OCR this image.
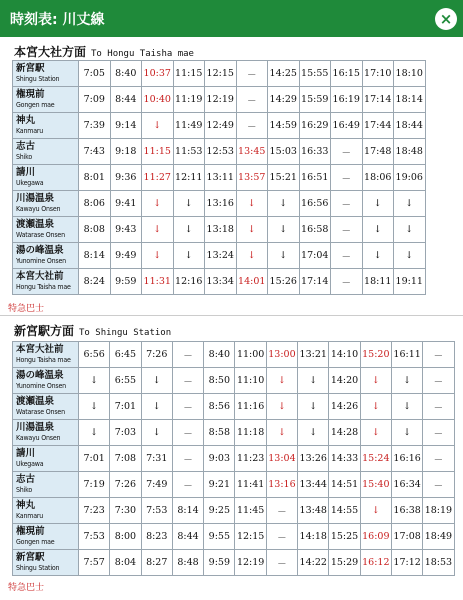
時刻表: 川丈線	×
本宮大社方面 To Hongu Taisha mae
新宮駅
Shingu Station	7:05	8:40	10:37	11:15	12:15	－	14:25	15:55	16:15	17:10	18:10

権現前
Gongen mae	7:09	8:44	10:40	11:19	12:19	－	14:29	15:59	16:19	17:14	18:14

神丸
Kanmaru	7:39	9:14	↓	11:49	12:49	－	14:59	16:29	16:49	17:44	18:44

志古
Shiko	7:43	9:18	11:15	11:53	12:53	13:45	15:03	16:33	－	17:48	18:48

請川
Ukegawa	8:01	9:36	11:27	12:11	13:11	13:57	15:21	16:51	－	18:06	19:06

川湯温泉
Kawayu Onsen	8:06	9:41	↓	↓	13:16	↓	↓	16:56	－	↓	↓

渡瀬温泉
Watarase Onsen	8:08	9:43	↓	↓	13:18	↓	↓	16:58	－	↓	↓

湯の峰温泉
Yunomine Onsen	8:14	9:49	↓	↓	13:24	↓	↓	17:04	－	↓	↓

本宮大社前
Hongu Taisha mae	8:24	9:59	11:31	12:16	13:34	14:01	15:26	17:14	－	18:11	19:11
特急巴士
新宮駅方面 To Shingu Station
本宮大社前
Hongu Taisha mae	6:56	6:45	7:26	－	8:40	11:00	13:00	13:21	14:10	15:20	16:11	－

湯の峰温泉
Yunomine Onsen	↓	6:55	↓	－	8:50	11:10	↓	↓	14:20	↓	↓	－

渡瀬温泉
Watarase Onsen	↓	7:01	↓	－	8:56	11:16	↓	↓	14:26	↓	↓	－

川湯温泉
Kawayu Onsen	↓	7:03	↓	－	8:58	11:18	↓	↓	14:28	↓	↓	－

請川
Ukegawa	7:01	7:08	7:31	－	9:03	11:23	13:04	13:26	14:33	15:24	16:16	－

志古
Shiko	7:19	7:26	7:49	－	9:21	11:41	13:16	13:44	14:51	15:40	16:34	－

神丸
Kanmaru	7:23	7:30	7:53	8:14	9:25	11:45	－	13:48	14:55	↓	16:38	18:19

権現前
Gongen mae	7:53	8:00	8:23	8:44	9:55	12:15	－	14:18	15:25	16:09	17:08	18:49

新宮駅
Shingu Station	7:57	8:04	8:27	8:48	9:59	12:19	－	14:22	15:29	16:12	17:12	18:53
特急巴士
